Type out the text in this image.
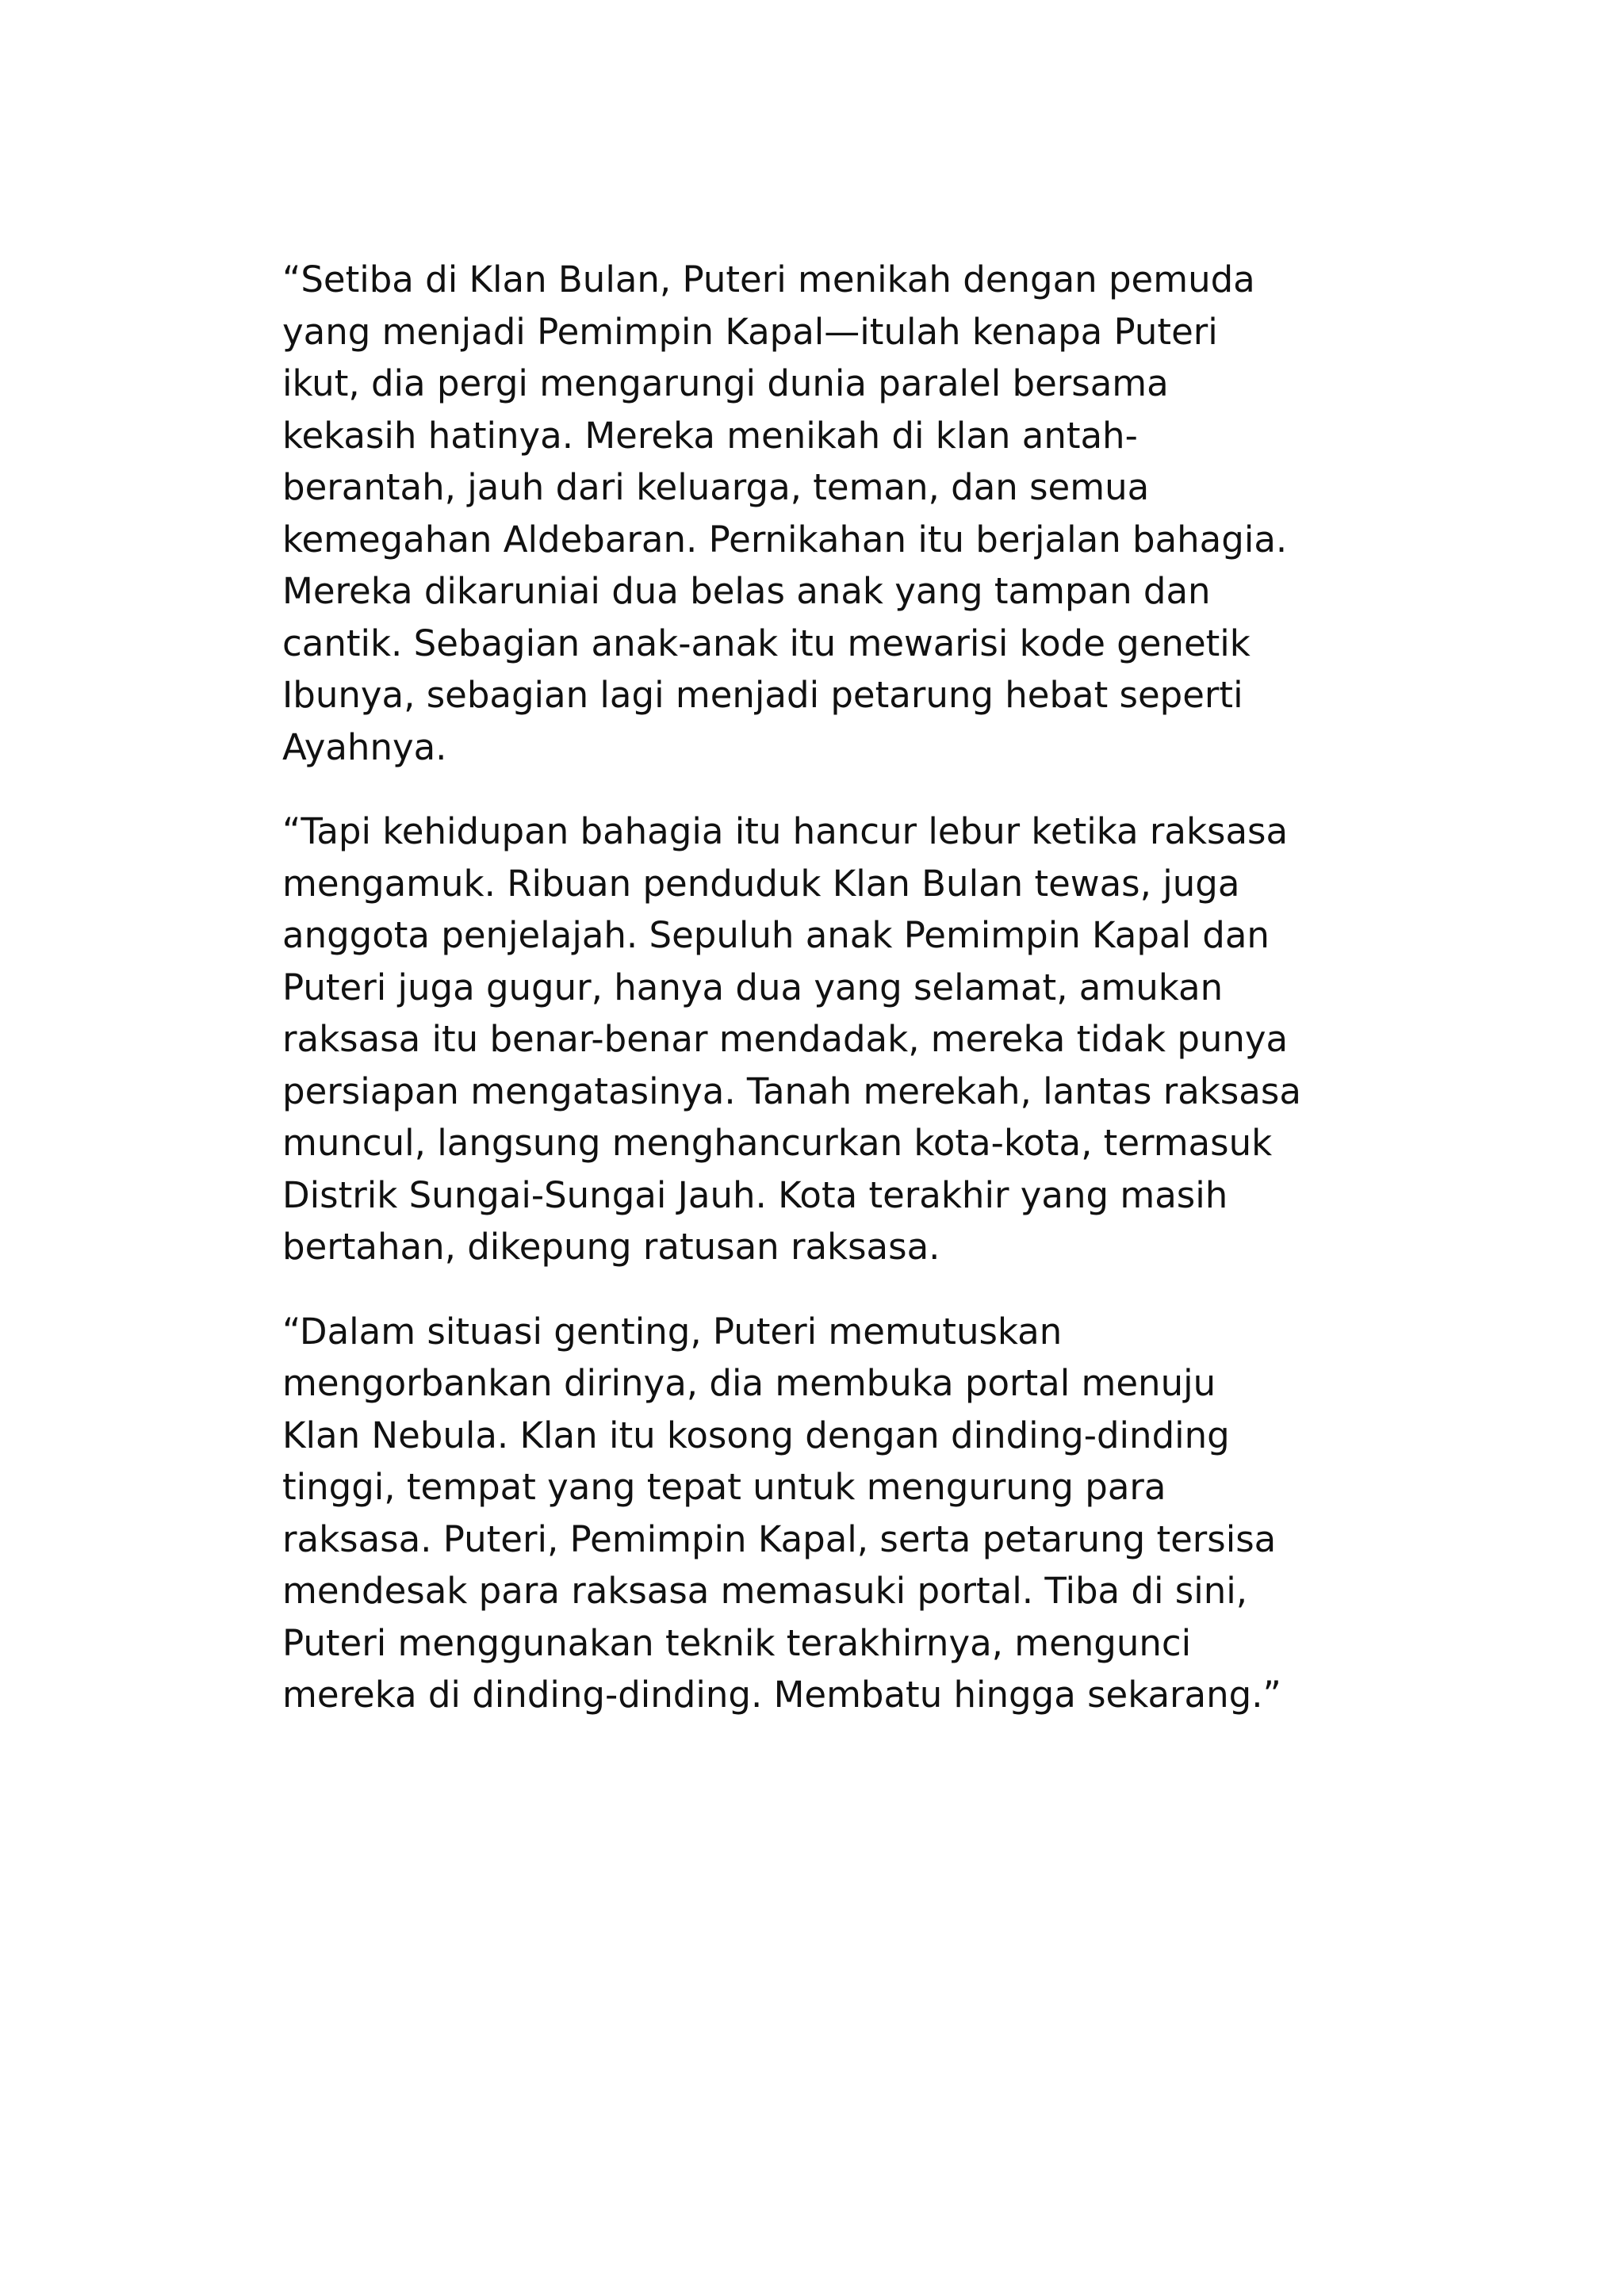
“Setiba di Klan Bulan, Puteri menikah dengan pemuda
yang menjadi Pemimpin Kapal—itulah kenapa Puteri
ikut, dia pergi mengarungi dunia paralel bersama
kekasih hatinya. Mereka menikah di klan antah-
berantah, jauh dari keluarga, teman, dan semua
kemegahan Aldebaran. Pernikahan itu berjalan bahagia.
Mereka dikaruniai dua belas anak yang tampan dan
cantik. Sebagian anak-anak itu mewarisi kode genetik
Ibunya, sebagian lagi menjadi petarung hebat seperti
Ayahnya.
“Tapi kehidupan bahagia itu hancur lebur ketika raksasa
mengamuk. Ribuan penduduk Klan Bulan tewas, juga
anggota penjelajah. Sepuluh anak Pemimpin Kapal dan
Puteri juga gugur, hanya dua yang selamat, amukan
raksasa itu benar-benar mendadak, mereka tidak punya
persiapan mengatasinya. Tanah merekah, lantas raksasa
muncul, langsung menghancurkan kota-kota, termasuk
Distrik Sungai-Sungai Jauh. Kota terakhir yang masih
bertahan, dikepung ratusan raksasa.
“Dalam situasi genting, Puteri memutuskan
mengorbankan dirinya, dia membuka portal menuju
Klan Nebula. Klan itu kosong dengan dinding-dinding
tinggi, tempat yang tepat untuk mengurung para
raksasa. Puteri, Pemimpin Kapal, serta petarung tersisa
mendesak para raksasa memasuki portal. Tiba di sini,
Puteri menggunakan teknik terakhirnya, mengunci
mereka di dinding-dinding. Membatu hingga sekarang.”
